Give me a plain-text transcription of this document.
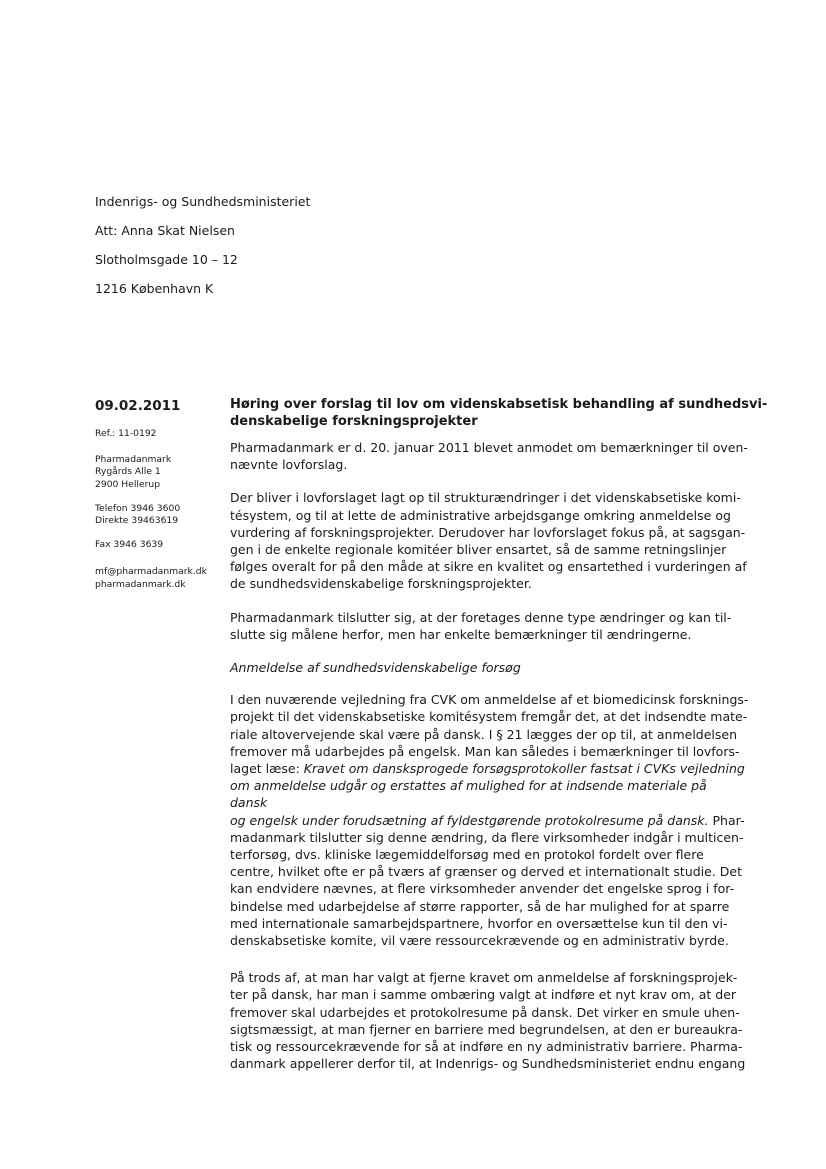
Indenrigs- og Sundhedsministeriet
Att: Anna Skat Nielsen
Slotholmsgade 10 – 12
1216 København K
09.02.2011
Ref.: 11-0192
Pharmadanmark
Rygårds Alle 1
2900 Hellerup
Telefon 3946 3600
Direkte 39463619
Fax 3946 3639
mf@pharmadanmark.dk
pharmadanmark.dk
Høring over forslag til lov om videnskabsetisk behandling af sundhedsvi-
denskabelige forskningsprojekter

Pharmadanmark er d. 20. januar 2011 blevet anmodet om bemærkninger til oven-
nævnte lovforslag.

Der bliver i lovforslaget lagt op til strukturændringer i det videnskabsetiske komi-
tésystem, og til at lette de administrative arbejdsgange omkring anmeldelse og
vurdering af forskningsprojekter. Derudover har lovforslaget fokus på, at sagsgan-
gen i de enkelte regionale komitéer bliver ensartet, så de samme retningslinjer
følges overalt for på den måde at sikre en kvalitet og ensartethed i vurderingen af
de sundhedsvidenskabelige forskningsprojekter.

Pharmadanmark tilslutter sig, at der foretages denne type ændringer og kan til-
slutte sig målene herfor, men har enkelte bemærkninger til ændringerne.

Anmeldelse af sundhedsvidenskabelige forsøg

I den nuværende vejledning fra CVK om anmeldelse af et biomedicinsk forsknings-
projekt til det videnskabsetiske komitésystem fremgår det, at det indsendte mate-
riale altovervejende skal være på dansk. I § 21 lægges der op til, at anmeldelsen
fremover må udarbejdes på engelsk. Man kan således i bemærkninger til lovfors-
laget læse: Kravet om dansksprogede forsøgsprotokoller fastsat i CVKs vejledning
om anmeldelse udgår og erstattes af mulighed for at indsende materiale på dansk
og engelsk under forudsætning af fyldestgørende protokolresume på dansk. Phar-
madanmark tilslutter sig denne ændring, da flere virksomheder indgår i multicen-
terforsøg, dvs. kliniske lægemiddelforsøg med en protokol fordelt over flere
centre, hvilket ofte er på tværs af grænser og derved et internationalt studie. Det
kan endvidere nævnes, at flere virksomheder anvender det engelske sprog i for-
bindelse med udarbejdelse af større rapporter, så de har mulighed for at sparre
med internationale samarbejdspartnere, hvorfor en oversættelse kun til den vi-
denskabsetiske komite, vil være ressourcekrævende og en administrativ byrde.

På trods af, at man har valgt at fjerne kravet om anmeldelse af forskningsprojek-
ter på dansk, har man i samme ombæring valgt at indføre et nyt krav om, at der
fremover skal udarbejdes et protokolresume på dansk. Det virker en smule uhen-
sigtsmæssigt, at man fjerner en barriere med begrundelsen, at den er bureaukra-
tisk og ressourcekrævende for så at indføre en ny administrativ barriere. Pharma-
danmark appellerer derfor til, at Indenrigs- og Sundhedsministeriet endnu engang
